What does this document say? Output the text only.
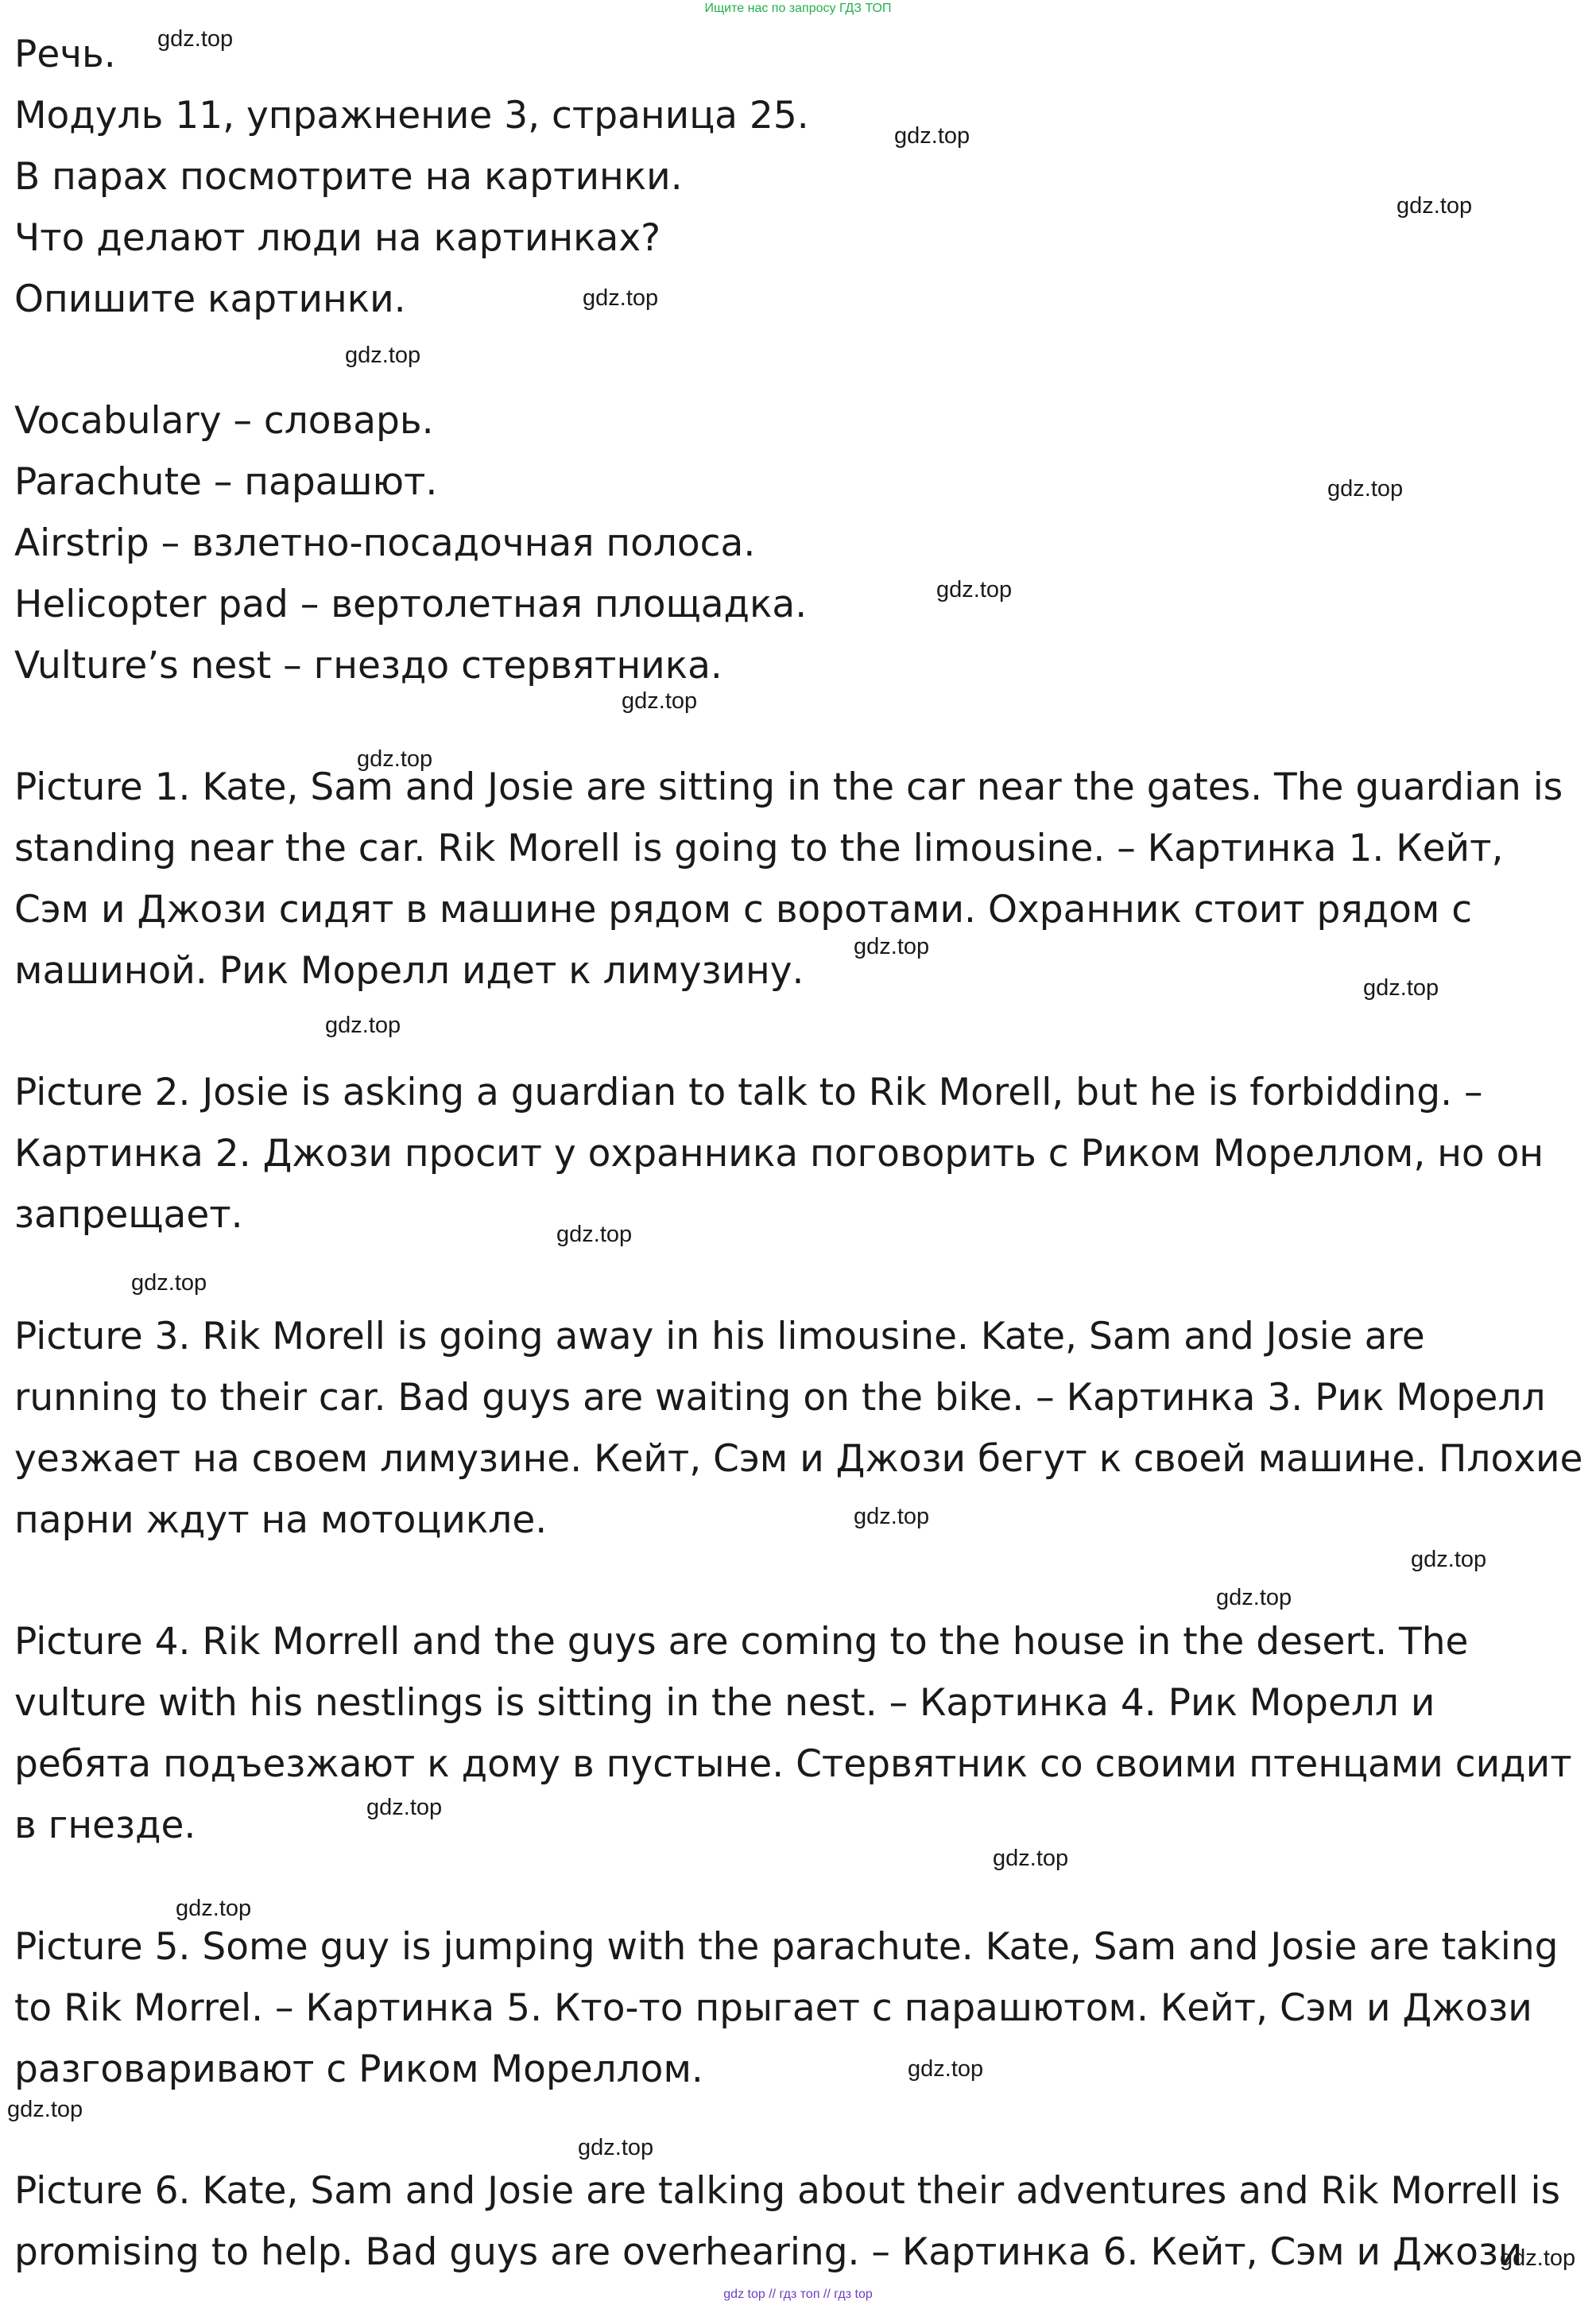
Ищите нас по запросу ГДЗ ТОП

Речь.

Модуль 11, упражнение 3, страница 25.

В парах посмотрите на картинки.

Что делают люди на картинках?

Опишите картинки.

Vocabulary – словарь.

Parachute – парашют.

Airstrip – взлетно-посадочная полоса.

Helicopter pad – вертолетная площадка.

Vulture’s nest – гнездо стервятника.

Picture 1. Kate, Sam and Josie are sitting in the car near the gates. The guardian is

standing near the car. Rik Morell is going to the limousine. – Картинка 1. Кейт,

Сэм и Джози сидят в машине рядом с воротами. Охранник стоит рядом с

машиной. Рик Морелл идет к лимузину.

Picture 2. Josie is asking a guardian to talk to Rik Morell, but he is forbidding. –

Картинка 2. Джози просит у охранника поговорить с Риком Мореллом, но он

запрещает.

Picture 3. Rik Morell is going away in his limousine. Kate, Sam and Josie are

running to their car. Bad guys are waiting on the bike. – Картинка 3. Рик Морелл

уезжает на своем лимузине. Кейт, Сэм и Джози бегут к своей машине. Плохие

парни ждут на мотоцикле.

Picture 4. Rik Morrell and the guys are coming to the house in the desert. The

vulture with his nestlings is sitting in the nest. – Картинка 4. Рик Морелл и

ребята подъезжают к дому в пустыне. Стервятник со своими птенцами сидит

в гнезде.

Picture 5. Some guy is jumping with the parachute. Kate, Sam and Josie are taking

to Rik Morrel. – Картинка 5. Кто-то прыгает с парашютом. Кейт, Сэм и Джози

разговаривают с Риком Мореллом.

Picture 6. Kate, Sam and Josie are talking about their adventures and Rik Morrell is

promising to help. Bad guys are overhearing. – Картинка 6. Кейт, Сэм и Джози

gdz.top
gdz.top
gdz.top
gdz.top
gdz.top
gdz.top
gdz.top
gdz.top
gdz.top
gdz.top
gdz.top
gdz.top
gdz.top
gdz.top
gdz.top
gdz.top
gdz.top
gdz.top
gdz.top
gdz.top
gdz.top
gdz.top
gdz.top
gdz.top
gdz top // гдз топ // гдз top
